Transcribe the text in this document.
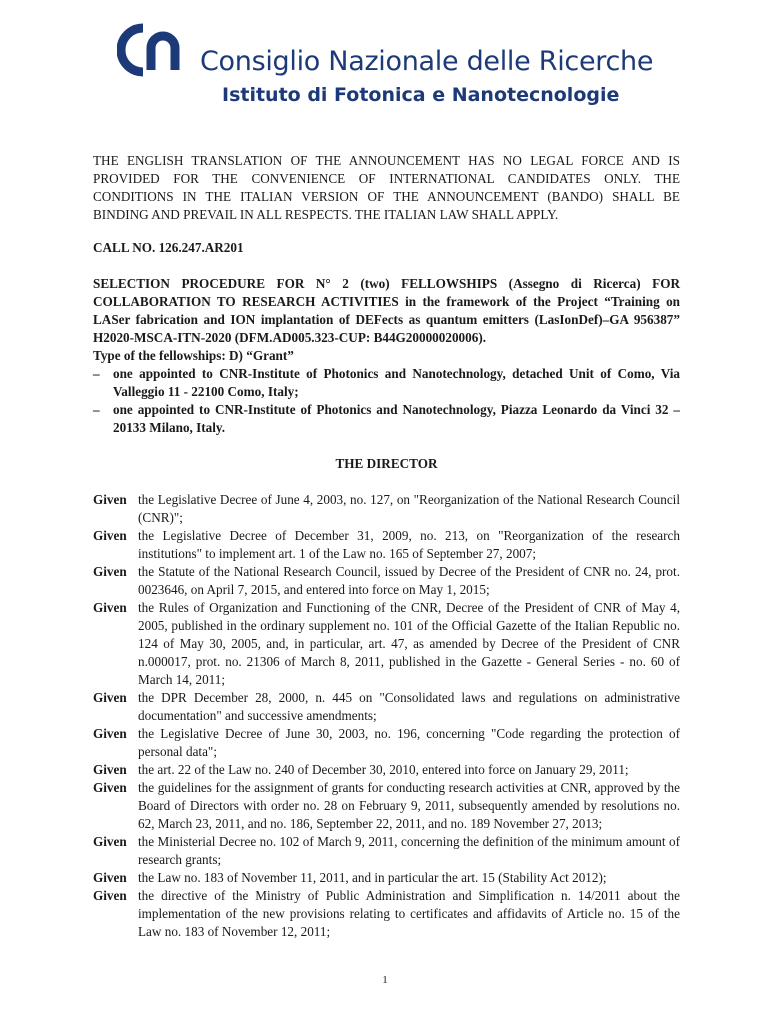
Consiglio Nazionale delle Ricerche
Istituto di Fotonica e Nanotecnologie

THE ENGLISH TRANSLATION OF THE ANNOUNCEMENT HAS NO LEGAL FORCE AND IS PROVIDED FOR THE CONVENIENCE OF INTERNATIONAL CANDIDATES ONLY. THE CONDITIONS IN THE ITALIAN VERSION OF THE ANNOUNCEMENT (BANDO) SHALL BE BINDING AND PREVAIL IN ALL RESPECTS. THE ITALIAN LAW SHALL APPLY.

CALL NO. 126.247.AR201

SELECTION PROCEDURE FOR N° 2 (two) FELLOWSHIPS (Assegno di Ricerca) FOR COLLABORATION TO RESEARCH ACTIVITIES in the framework of the Project “Training on LASer fabrication and ION implantation of DEFects as quantum emitters (LasIonDef)–GA 956387” H2020-MSCA-ITN-2020 (DFM.AD005.323-CUP: B44G20000020006).

Type of the fellowships: D) “Grant”

–	one appointed to CNR-Institute of Photonics and Nanotechnology, detached Unit of Como, Via Valleggio 11 - 22100 Como, Italy;
–	one appointed to CNR-Institute of Photonics and Nanotechnology, Piazza Leonardo da Vinci 32 – 20133 Milano, Italy.

THE DIRECTOR

Given the Legislative Decree of June 4, 2003, no. 127, on "Reorganization of the National Research Council (CNR)";
Given the Legislative Decree of December 31, 2009, no. 213, on "Reorganization of the research institutions" to implement art. 1 of the Law no. 165 of September 27, 2007;
Given the Statute of the National Research Council, issued by Decree of the President of CNR no. 24, prot. 0023646, on April 7, 2015, and entered into force on May 1, 2015;
Given the Rules of Organization and Functioning of the CNR, Decree of the President of CNR of May 4, 2005, published in the ordinary supplement no. 101 of the Official Gazette of the Italian Republic no. 124 of May 30, 2005, and, in particular, art. 47, as amended by Decree of the President of CNR n.000017, prot. no. 21306 of March 8, 2011, published in the Gazette - General Series - no. 60 of March 14, 2011;
Given the DPR December 28, 2000, n. 445 on "Consolidated laws and regulations on administrative documentation" and successive amendments;
Given the Legislative Decree of June 30, 2003, no. 196, concerning "Code regarding the protection of personal data";
Given the art. 22 of the Law no. 240 of December 30, 2010, entered into force on January 29, 2011;
Given the guidelines for the assignment of grants for conducting research activities at CNR, approved by the Board of Directors with order no. 28 on February 9, 2011, subsequently amended by resolutions no. 62, March 23, 2011, and no. 186, September 22, 2011, and no. 189 November 27, 2013;
Given the Ministerial Decree no. 102 of March 9, 2011, concerning the definition of the minimum amount of research grants;
Given the Law no. 183 of November 11, 2011, and in particular the art. 15 (Stability Act 2012);
Given the directive of the Ministry of Public Administration and Simplification n. 14/2011 about the implementation of the new provisions relating to certificates and affidavits of Article no. 15 of the Law no. 183 of November 12, 2011;
1
